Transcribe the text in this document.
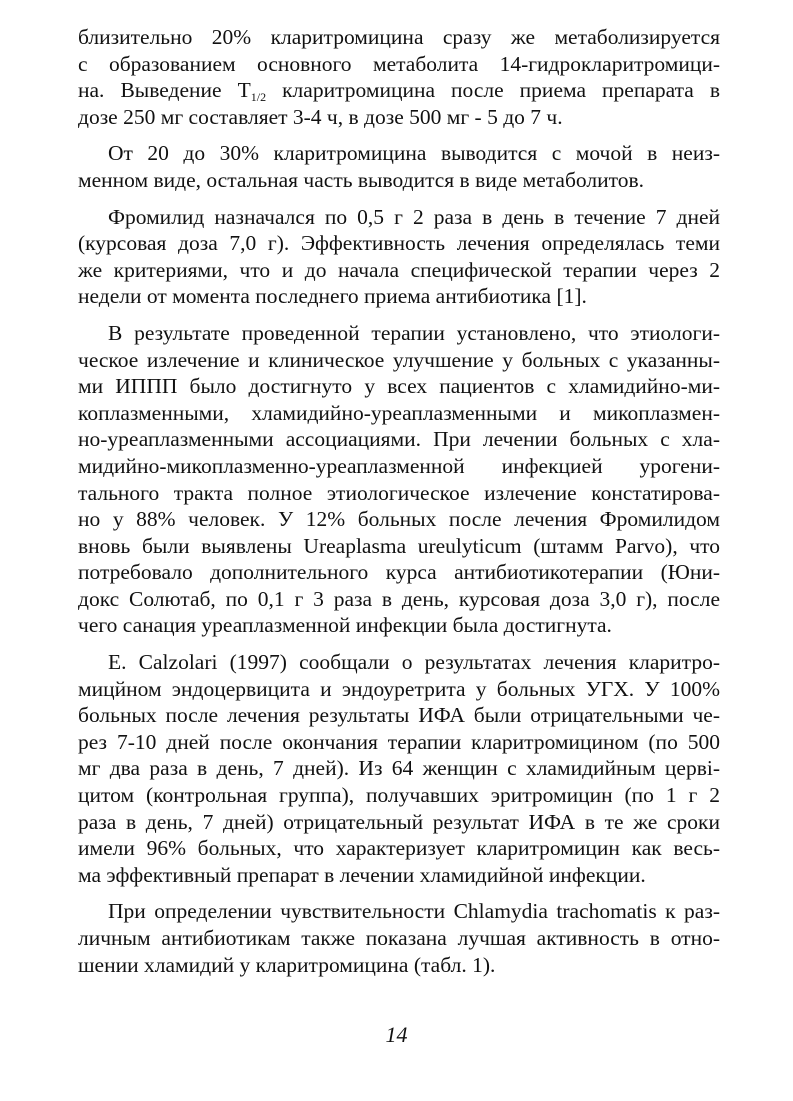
близительно 20% кларитромицина сразу же метаболизируется
с образованием основного метаболита 14-гидрокларитромици-
на. Выведение $T_{1/2}$ кларитромицина после приема препарата в
дозе 250 мг составляет 3-4 ч, в дозе 500 мг - 5 до 7 ч.
От 20 до 30% кларитромицина выводится с мочой в неиз-
менном виде, остальная часть выводится в виде метаболитов.
Фромилид назначался по 0,5 г 2 раза в день в течение 7 дней
(курсовая доза 7,0 г). Эффективность лечения определялась теми
же критериями, что и до начала специфической терапии через 2
недели от момента последнего приема антибиотика [1].
В результате проведенной терапии установлено, что этиологи-
ческое излечение и клиническое улучшение у больных с указанны-
ми ИППП было достигнуто у всех пациентов с хламидийно-ми-
коплазменными, хламидийно-уреаплазменными и микоплазмен-
но-уреаплазменными ассоциациями. При лечении больных с хла-
мидийно-микоплазменно-уреаплазменной инфекцией урогени-
тального тракта полное этиологическое излечение констатирова-
но у 88% человек. У 12% больных после лечения Фромилидом
вновь были выявлены Ureaplasma ureulyticum (штамм Parvo), что
потребовало дополнительного курса антибиотикотерапии (Юни-
докс Солютаб, по 0,1 г 3 раза в день, курсовая доза 3,0 г), после
чего санация уреаплазменной инфекции была достигнута.
E. Calzolari (1997) сообщали о результатах лечения кларитро-
мицйном эндоцервицита и эндоуретрита у больных УГХ. У 100%
больных после лечения результаты ИФА были отрицательными че-
рез 7-10 дней после окончания терапии кларитромицином (по 500
мг два раза в день, 7 дней). Из 64 женщин с хламидийным цервi-
цитом (контрольная группа), получавших эритромицин (по 1 г 2
раза в день, 7 дней) отрицательный результат ИФА в те же сроки
имели 96% больных, что характеризует кларитромицин как весь-
ма эффективный препарат в лечении хламидийной инфекции.
При определении чувствительности Chlamydia trachomatis к раз-
личным антибиотикам также показана лучшая активность в отно-
шении хламидий у кларитромицина (табл. 1).
14
